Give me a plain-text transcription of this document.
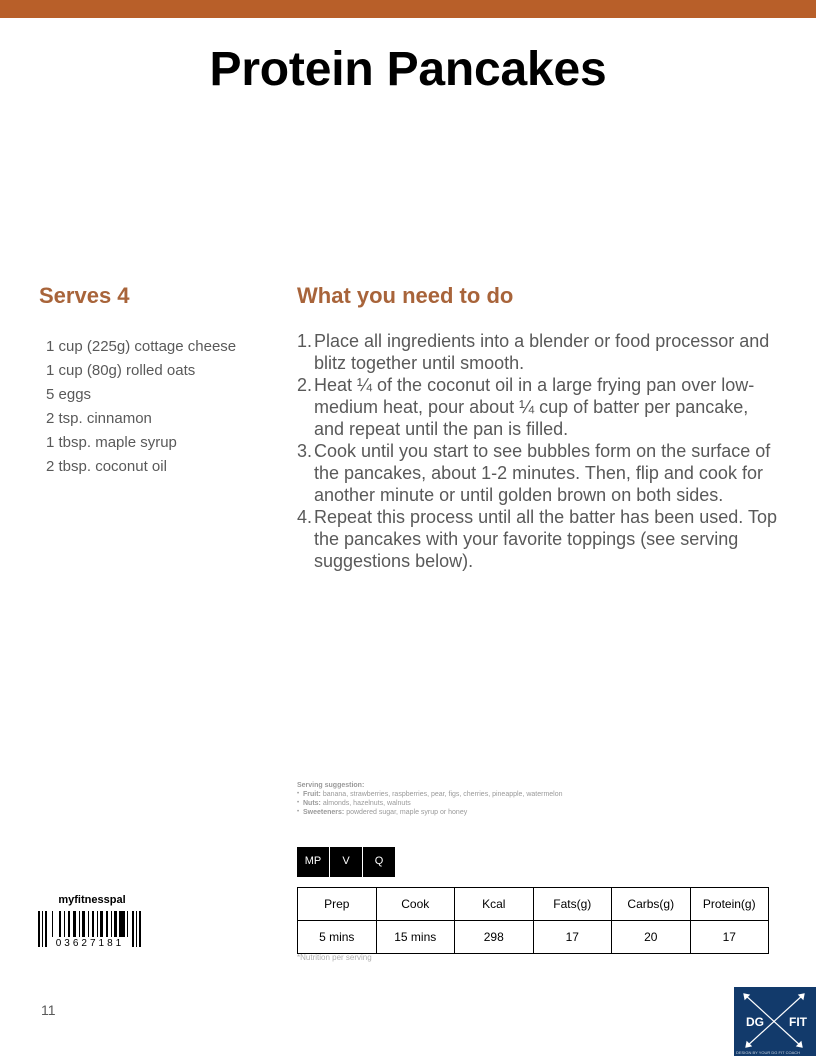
Protein Pancakes
Serves 4
1 cup (225g) cottage cheese
1 cup (80g) rolled oats
5 eggs
2 tsp. cinnamon
1 tbsp. maple syrup
2 tbsp. coconut oil
What you need to do
1. Place all ingredients into a blender or food processor and blitz together until smooth.
2. Heat ¼ of the coconut oil in a large frying pan over low-medium heat, pour about ¼ cup of batter per pancake, and repeat until the pan is filled.
3. Cook until you start to see bubbles form on the surface of the pancakes, about 1-2 minutes. Then, flip and cook for another minute or until golden brown on both sides.
4. Repeat this process until all the batter has been used. Top the pancakes with your favorite toppings (see serving suggestions below).
Serving suggestion:
• Fruit: banana, strawberries, raspberries, pear, figs, cherries, pineapple, watermelon
• Nuts: almonds, hazelnuts, walnuts
• Sweeteners: powdered sugar, maple syrup or honey
MP	V	Q
Prep	Cook	Kcal	Fats(g)	Carbs(g)	Protein(g)
5 mins	15 mins	298	17	20	17
*Nutrition per serving
myfitnesspal
03627181
11
DG FIT
DESIGN BY YOUR DG FIT COACH
